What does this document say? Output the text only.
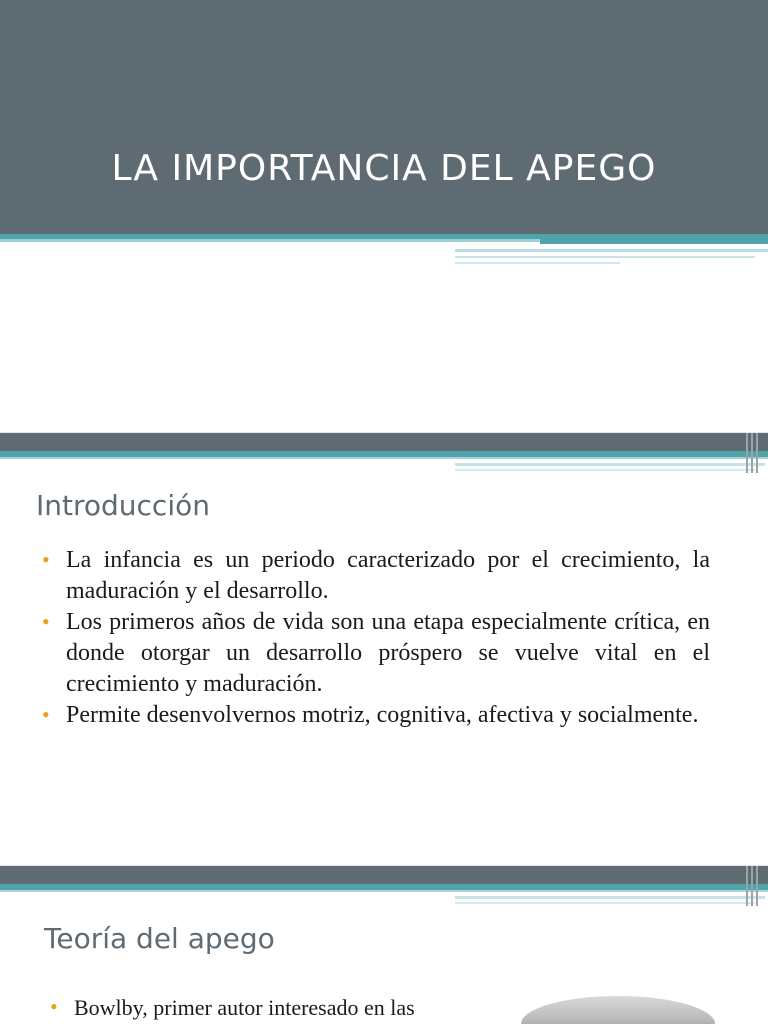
LA IMPORTANCIA DEL APEGO
Introducción
• La infancia es un periodo caracterizado por el crecimiento, la maduración y el desarrollo.
• Los primeros años de vida son una etapa especialmente crítica, en donde otorgar un desarrollo próspero se vuelve vital en el crecimiento y maduración.
• Permite desenvolvernos motriz, cognitiva, afectiva y socialmente.
Teoría del apego
• Bowlby, primer autor interesado en las
